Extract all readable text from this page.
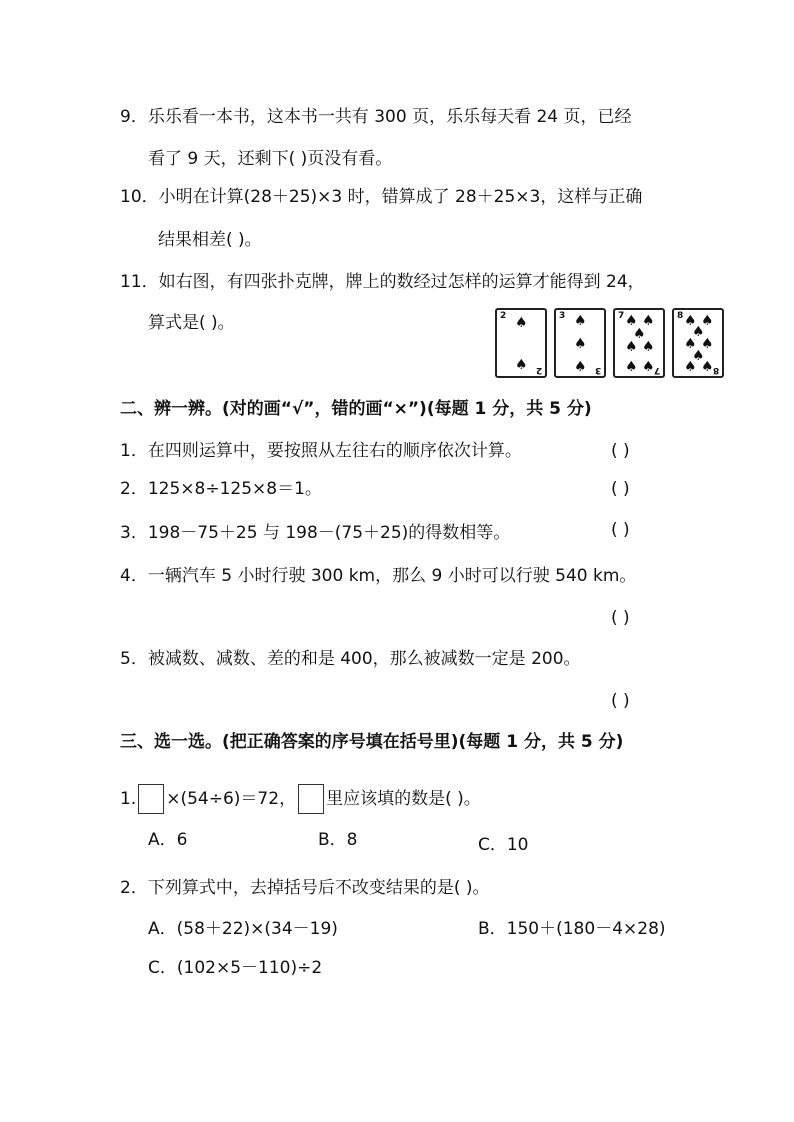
9．乐乐看一本书，这本书一共有 300 页，乐乐每天看 24 页，已经
看了 9 天，还剩下( )页没有看。
10．小明在计算(28＋25)×3 时，错算成了 28＋25×3，这样与正确
结果相差( )。
11．如右图，有四张扑克牌，牌上的数经过怎样的运算才能得到 24，
算式是( )。	2 ♠
♠ 2
3 ♠
♠
♠ 3
7 ♠ ♠
♠
♠ ♠
♠ ♠ 7
8 ♠ ♠
♠
♠ ♠
♠
♠ ♠ 8
二、辨一辨。(对的画“√”，错的画“×”)(每题 1 分，共 5 分)
1．在四则运算中，要按照从左往右的顺序依次计算。	( )
2．125×8÷125×8＝1。	( )
3．198－75＋25 与 198－(75＋25)的得数相等。	( )
4．一辆汽车 5 小时行驶 300 km，那么 9 小时可以行驶 540 km。
( )
5．被减数、减数、差的和是 400，那么被减数一定是 200。
( )
三、选一选。(把正确答案的序号填在括号里)(每题 1 分，共 5 分)
1. ×(54÷6)＝72， 里应该填的数是( )。
A．6	B．8	C．10
2．下列算式中，去掉括号后不改变结果的是( )。
A．(58＋22)×(34－19)	B．150＋(180－4×28)
C．(102×5－110)÷2
